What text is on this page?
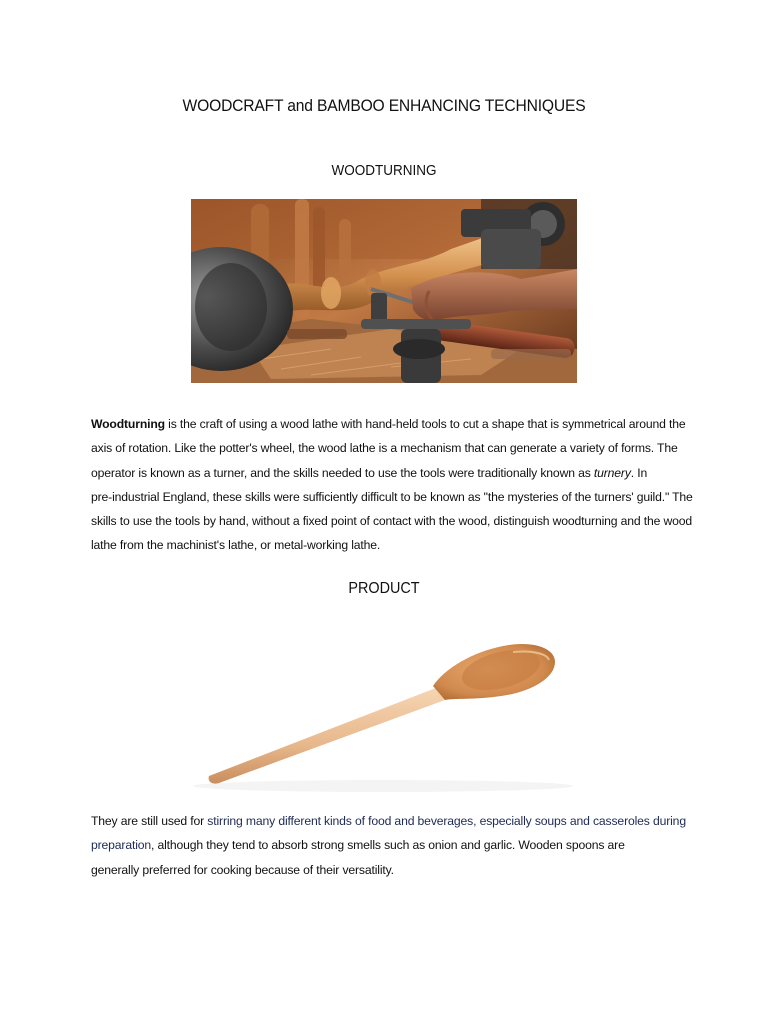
WOODCRAFT and BAMBOO ENHANCING TECHNIQUES
WOODTURNING
Woodturning is the craft of using a wood lathe with hand-held tools to cut a shape that is symmetrical around the
axis of rotation. Like the potter's wheel, the wood lathe is a mechanism that can generate a variety of forms. The
operator is known as a turner, and the skills needed to use the tools were traditionally known as turnery. In
pre-industrial England, these skills were sufficiently difficult to be known as "the mysteries of the turners' guild." The
skills to use the tools by hand, without a fixed point of contact with the wood, distinguish woodturning and the wood
lathe from the machinist's lathe, or metal-working lathe.
PRODUCT
They are still used for stirring many different kinds of food and beverages, especially soups and casseroles during
preparation, although they tend to absorb strong smells such as onion and garlic. Wooden spoons are
generally preferred for cooking because of their versatility.
